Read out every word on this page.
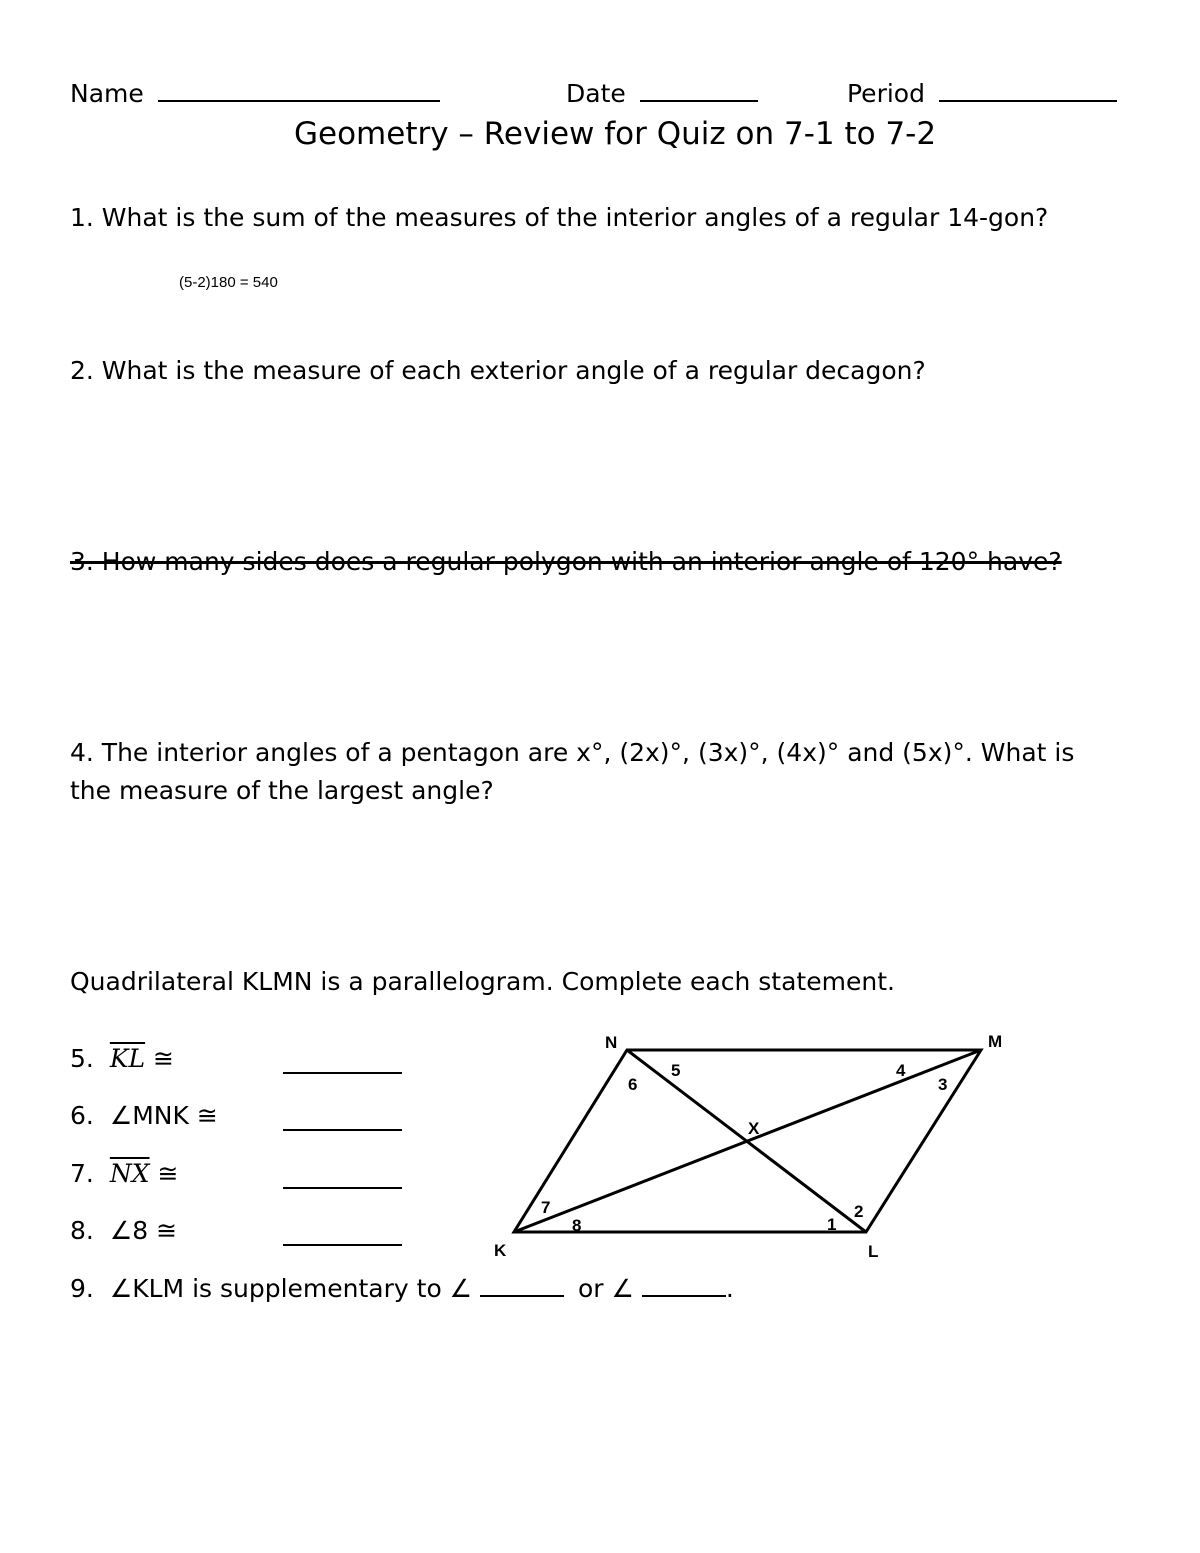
Name	Date	Period
Geometry – Review for Quiz on 7-1 to 7-2
1. What is the sum of the measures of the interior angles of a regular 14-gon?
(5-2)180 = 540
2. What is the measure of each exterior angle of a regular decagon?
3. How many sides does a regular polygon with an interior angle of 120° have?
4. The interior angles of a pentagon are x°, (2x)°, (3x)°, (4x)° and (5x)°. What is
the measure of the largest angle?
Quadrilateral KLMN is a parallelogram. Complete each statement.
5. $\overline{KL}$ ≅
6. ∠MNK ≅
7. $\overline{NX}$ ≅
8. ∠8 ≅
9. ∠KLM is supplementary to ∠	or ∠	.
N	M
K	L
X
1
2
3
4
5
6
7
8
